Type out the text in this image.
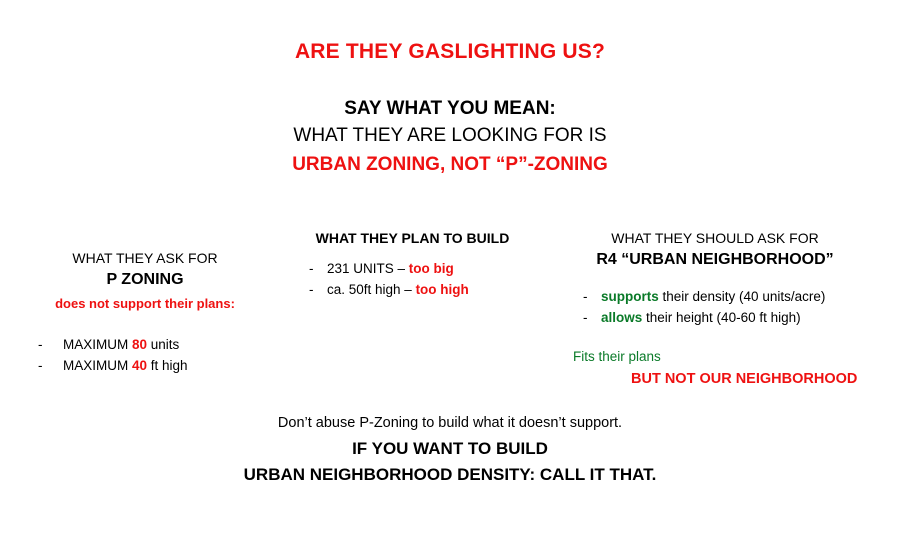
ARE THEY GASLIGHTING US?
SAY WHAT YOU MEAN:
WHAT THEY ARE LOOKING FOR IS
URBAN ZONING, NOT “P”-ZONING
WHAT THEY ASK FOR
P ZONING
does not support their plans:
-	MAXIMUM 80 units
-	MAXIMUM 40 ft high
WHAT THEY PLAN TO BUILD
-	231 UNITS – too big
-	ca. 50ft high – too high
WHAT THEY SHOULD ASK FOR
R4 “URBAN NEIGHBORHOOD”
-	supports their density (40 units/acre)
-	allows their height (40-60 ft high)
Fits their plans
BUT NOT OUR NEIGHBORHOOD
Don’t abuse P-Zoning to build what it doesn’t support.
IF YOU WANT TO BUILD
URBAN NEIGHBORHOOD DENSITY: CALL IT THAT.
